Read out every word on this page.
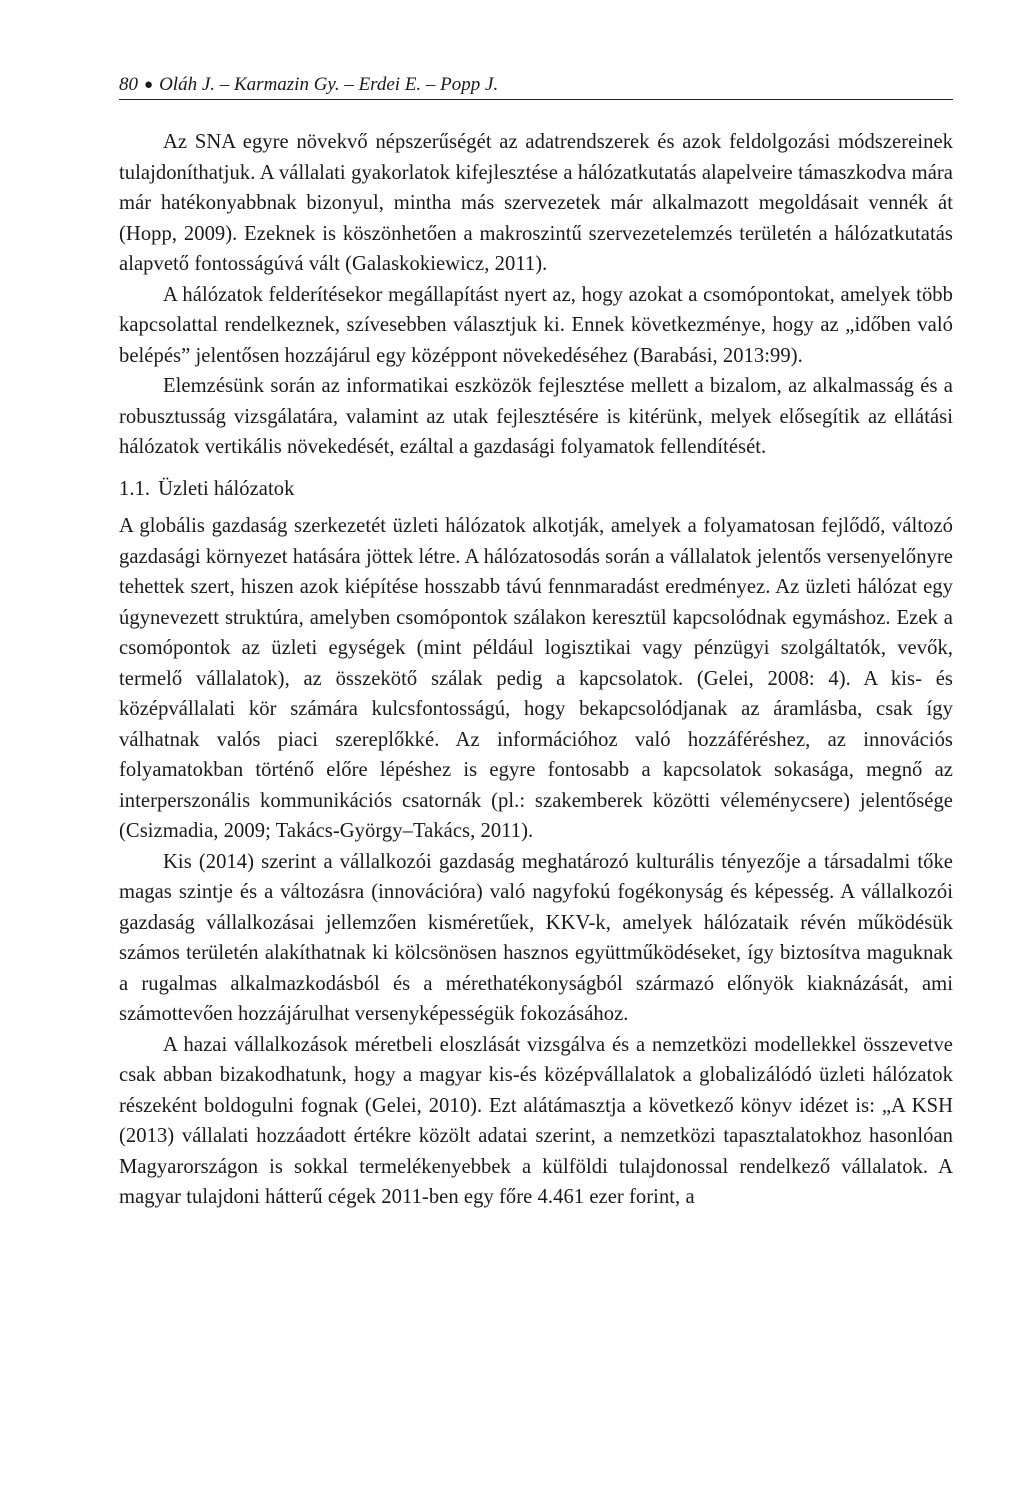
80 ● Oláh J. – Karmazin Gy. – Erdei E. – Popp J.

Az SNA egyre növekvő népszerűségét az adatrendszerek és azok feldolgozási módszereinek tulajdoníthatjuk. A vállalati gyakorlatok kifejlesztése a hálózatkutatás alapelveire támaszkodva mára már hatékonyabbnak bizonyul, mintha más szervezetek már alkalmazott megoldásait vennék át (Hopp, 2009). Ezeknek is köszönhetően a makroszintű szervezetelemzés területén a hálózatkutatás alapvető fontosságúvá vált (Galaskokiewicz, 2011).

A hálózatok felderítésekor megállapítást nyert az, hogy azokat a csomópontokat, amelyek több kapcsolattal rendelkeznek, szívesebben választjuk ki. Ennek következménye, hogy az „időben való belépés” jelentősen hozzájárul egy középpont növekedéséhez (Barabási, 2013:99).

Elemzésünk során az informatikai eszközök fejlesztése mellett a bizalom, az alkalmasság és a robusztusság vizsgálatára, valamint az utak fejlesztésére is kitérünk, melyek elősegítik az ellátási hálózatok vertikális növekedését, ezáltal a gazdasági folyamatok fellendítését.

1.1. Üzleti hálózatok

A globális gazdaság szerkezetét üzleti hálózatok alkotják, amelyek a folyamatosan fejlődő, változó gazdasági környezet hatására jöttek létre. A hálózatosodás során a vállalatok jelentős versenyelőnyre tehettek szert, hiszen azok kiépítése hosszabb távú fennmaradást eredményez. Az üzleti hálózat egy úgynevezett struktúra, amelyben csomópontok szálakon keresztül kapcsolódnak egymáshoz. Ezek a csomópontok az üzleti egységek (mint például logisztikai vagy pénzügyi szolgáltatók, vevők, termelő vállalatok), az összekötő szálak pedig a kapcsolatok. (Gelei, 2008: 4). A kis- és középvállalati kör számára kulcsfontosságú, hogy bekapcsolódjanak az áramlásba, csak így válhatnak valós piaci szereplőkké. Az információhoz való hozzáféréshez, az innovációs folyamatokban történő előre lépéshez is egyre fontosabb a kapcsolatok sokasága, megnő az interperszonális kommunikációs csatornák (pl.: szakemberek közötti véleménycsere) jelentősége (Csizmadia, 2009; Takács-György–Takács, 2011).

Kis (2014) szerint a vállalkozói gazdaság meghatározó kulturális tényezője a társadalmi tőke magas szintje és a változásra (innovációra) való nagyfokú fogékonyság és képesség. A vállalkozói gazdaság vállalkozásai jellemzően kisméretűek, KKV-k, amelyek hálózataik révén működésük számos területén alakíthatnak ki kölcsönösen hasznos együttműködéseket, így biztosítva maguknak a rugalmas alkalmazkodásból és a mérethatékonyságból származó előnyök kiaknázását, ami számottevően hozzájárulhat versenyképességük fokozásához.

A hazai vállalkozások méretbeli eloszlását vizsgálva és a nemzetközi modellekkel összevetve csak abban bizakodhatunk, hogy a magyar kis-és középvállalatok a globalizálódó üzleti hálózatok részeként boldogulni fognak (Gelei, 2010). Ezt alátámasztja a következő könyv idézet is: „A KSH (2013) vállalati hozzáadott értékre közölt adatai szerint, a nemzetközi tapasztalatokhoz hasonlóan Magyarországon is sokkal termelékenyebbek a külföldi tulajdonossal rendelkező vállalatok. A magyar tulajdoni hátterű cégek 2011-ben egy főre 4.461 ezer forint, a
